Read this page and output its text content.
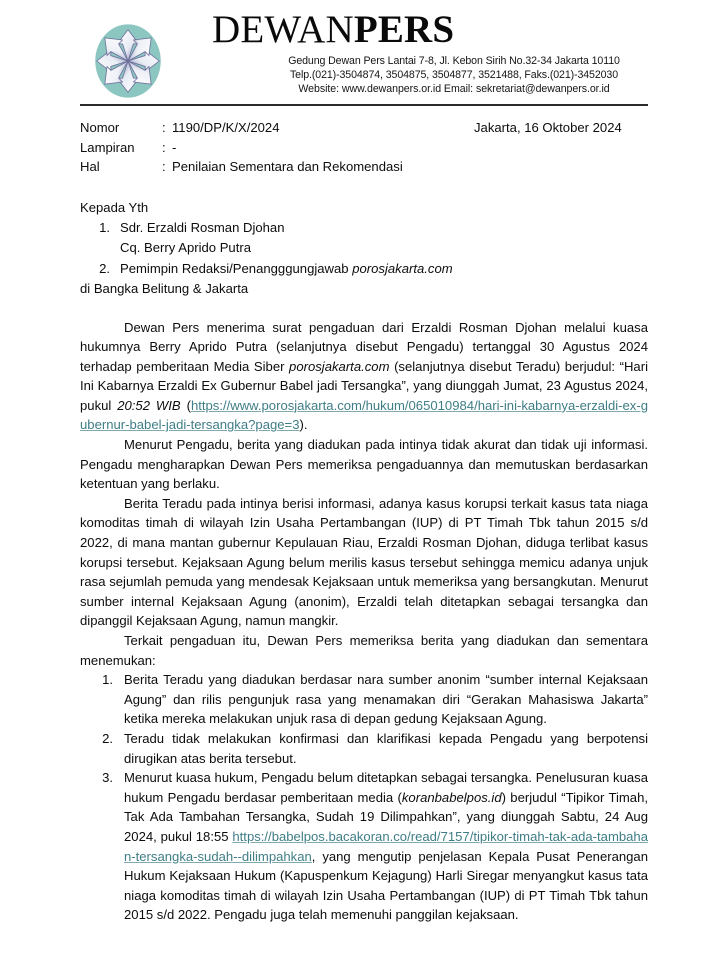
DEWANPERS
Gedung Dewan Pers Lantai 7-8, Jl. Kebon Sirih No.32-34 Jakarta 10110
Telp.(021)-3504874, 3504875, 3504877, 3521488, Faks.(021)-3452030
Website: www.dewanpers.or.id Email: sekretariat@dewanpers.or.id
Nomor	: 1190/DP/K/X/2024
Lampiran	: -
Hal	: Penilaian Sementara dan Rekomendasi
Jakarta, 16 Oktober 2024
Kepada Yth
1. Sdr. Erzaldi Rosman Djohan
Cq. Berry Aprido Putra
2. Pemimpin Redaksi/Penangggungjawab porosjakarta.com
di Bangka Belitung & Jakarta

Dewan Pers menerima surat pengaduan dari Erzaldi Rosman Djohan melalui kuasa hukumnya Berry Aprido Putra (selanjutnya disebut Pengadu) tertanggal 30 Agustus 2024 terhadap pemberitaan Media Siber porosjakarta.com (selanjutnya disebut Teradu) berjudul: “Hari Ini Kabarnya Erzaldi Ex Gubernur Babel jadi Tersangka”, yang diunggah Jumat, 23 Agustus 2024, pukul 20:52 WIB (https://www.porosjakarta.com/hukum/065010984/hari-ini-kabarnya-erzaldi-ex-gubernur-babel-jadi-tersangka?page=3).

Menurut Pengadu, berita yang diadukan pada intinya tidak akurat dan tidak uji informasi. Pengadu mengharapkan Dewan Pers memeriksa pengaduannya dan memutuskan berdasarkan ketentuan yang berlaku.

Berita Teradu pada intinya berisi informasi, adanya kasus korupsi terkait kasus tata niaga komoditas timah di wilayah Izin Usaha Pertambangan (IUP) di PT Timah Tbk tahun 2015 s/d 2022, di mana mantan gubernur Kepulauan Riau, Erzaldi Rosman Djohan, diduga terlibat kasus korupsi tersebut. Kejaksaan Agung belum merilis kasus tersebut sehingga memicu adanya unjuk rasa sejumlah pemuda yang mendesak Kejaksaan untuk memeriksa yang bersangkutan. Menurut sumber internal Kejaksaan Agung (anonim), Erzaldi telah ditetapkan sebagai tersangka dan dipanggil Kejaksaan Agung, namun mangkir.

Terkait pengaduan itu, Dewan Pers memeriksa berita yang diadukan dan sementara menemukan:

1. Berita Teradu yang diadukan berdasar nara sumber anonim “sumber internal Kejaksaan Agung” dan rilis pengunjuk rasa yang menamakan diri “Gerakan Mahasiswa Jakarta” ketika mereka melakukan unjuk rasa di depan gedung Kejaksaan Agung.
2. Teradu tidak melakukan konfirmasi dan klarifikasi kepada Pengadu yang berpotensi dirugikan atas berita tersebut.
3. Menurut kuasa hukum, Pengadu belum ditetapkan sebagai tersangka. Penelusuran kuasa hukum Pengadu berdasar pemberitaan media (koranbabelpos.id) berjudul “Tipikor Timah, Tak Ada Tambahan Tersangka, Sudah 19 Dilimpahkan”, yang diunggah Sabtu, 24 Aug 2024, pukul 18:55 https://babelpos.bacakoran.co/read/7157/tipikor-timah-tak-ada-tambahan-tersangka-sudah--dilimpahkan, yang mengutip penjelasan Kepala Pusat Penerangan Hukum Kejaksaan Hukum (Kapuspenkum Kejagung) Harli Siregar menyangkut kasus tata niaga komoditas timah di wilayah Izin Usaha Pertambangan (IUP) di PT Timah Tbk tahun 2015 s/d 2022. Pengadu juga telah memenuhi panggilan kejaksaan.
